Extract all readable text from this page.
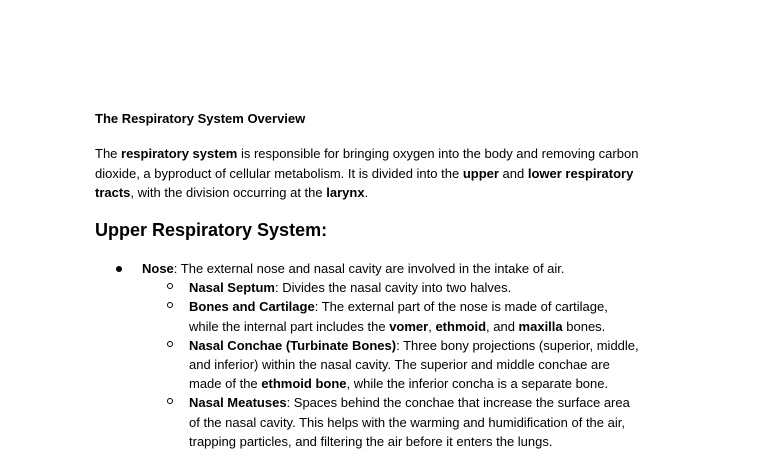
The Respiratory System Overview

The respiratory system is responsible for bringing oxygen into the body and removing carbon dioxide, a byproduct of cellular metabolism. It is divided into the upper and lower respiratory tracts, with the division occurring at the larynx.

Upper Respiratory System:
Nose: The external nose and nasal cavity are involved in the intake of air.
Nasal Septum: Divides the nasal cavity into two halves.
Bones and Cartilage: The external part of the nose is made of cartilage, while the internal part includes the vomer, ethmoid, and maxilla bones.
Nasal Conchae (Turbinate Bones): Three bony projections (superior, middle, and inferior) within the nasal cavity. The superior and middle conchae are made of the ethmoid bone, while the inferior concha is a separate bone.
Nasal Meatuses: Spaces behind the conchae that increase the surface area of the nasal cavity. This helps with the warming and humidification of the air, trapping particles, and filtering the air before it enters the lungs.
